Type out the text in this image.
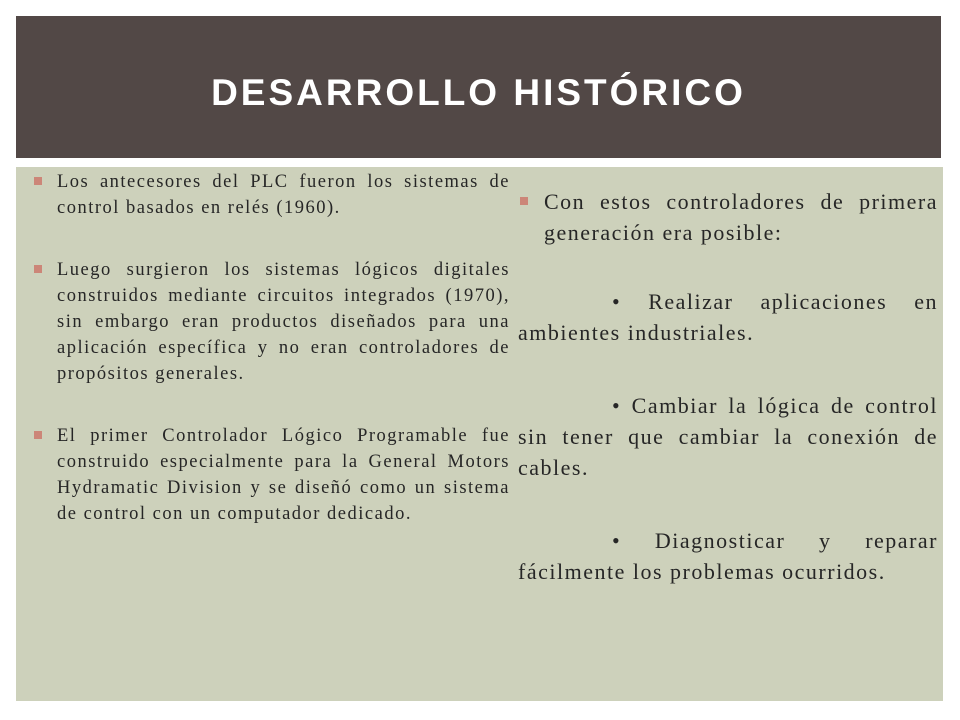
DESARROLLO HISTÓRICO
Los antecesores del PLC fueron los sistemas de control basados en relés (1960).
Luego surgieron los sistemas lógicos digitales construidos mediante circuitos integrados (1970), sin embargo eran productos diseñados para una aplicación específica y no eran controladores de propósitos generales.
El primer Controlador Lógico Programable fue construido especialmente para la General Motors Hydramatic Division y se diseñó como un sistema de control con un computador dedicado.
Con estos controladores de primera generación era posible:
• Realizar aplicaciones en ambientes industriales.
• Cambiar la lógica de control sin tener que cambiar la conexión de cables.
• Diagnosticar y reparar fácilmente los problemas ocurridos.
